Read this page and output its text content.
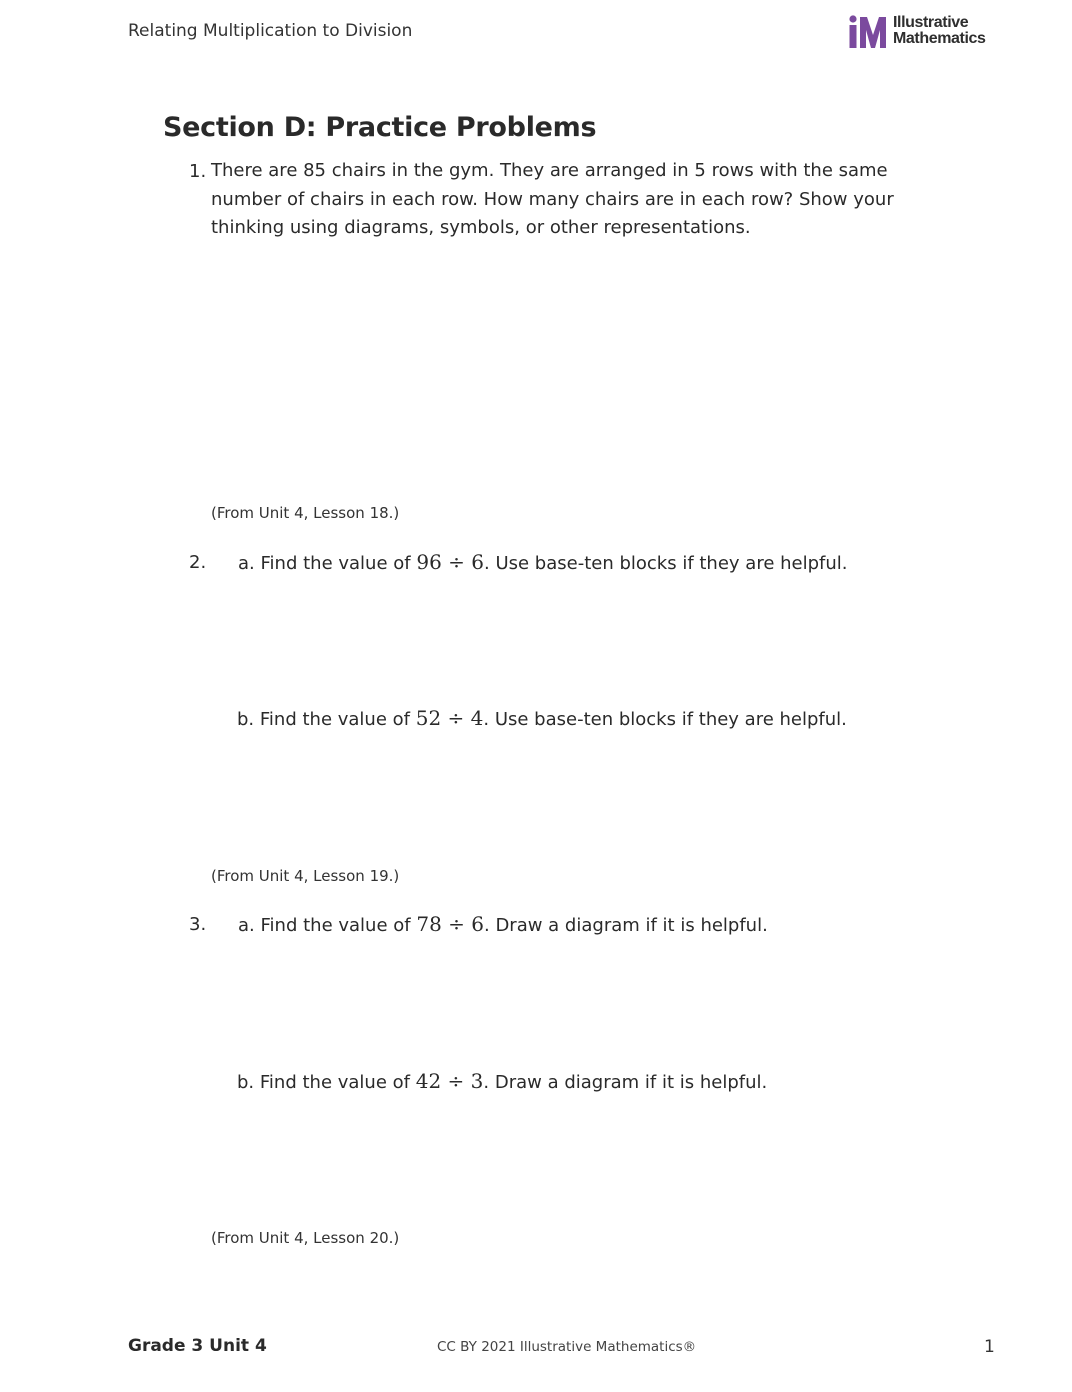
Relating Multiplication to Division	Illustrative
Mathematics
Section D: Practice Problems
1. There are 85 chairs in the gym. They are arranged in 5 rows with the same number of chairs in each row. How many chairs are in each row? Show your thinking using diagrams, symbols, or other representations.
(From Unit 4, Lesson 18.)
2. a. Find the value of 96 ÷ 6. Use base-ten blocks if they are helpful.
b. Find the value of 52 ÷ 4. Use base-ten blocks if they are helpful.
(From Unit 4, Lesson 19.)
3. a. Find the value of 78 ÷ 6. Draw a diagram if it is helpful.
b. Find the value of 42 ÷ 3. Draw a diagram if it is helpful.
(From Unit 4, Lesson 20.)
Grade 3 Unit 4	CC BY 2021 Illustrative Mathematics®	1
